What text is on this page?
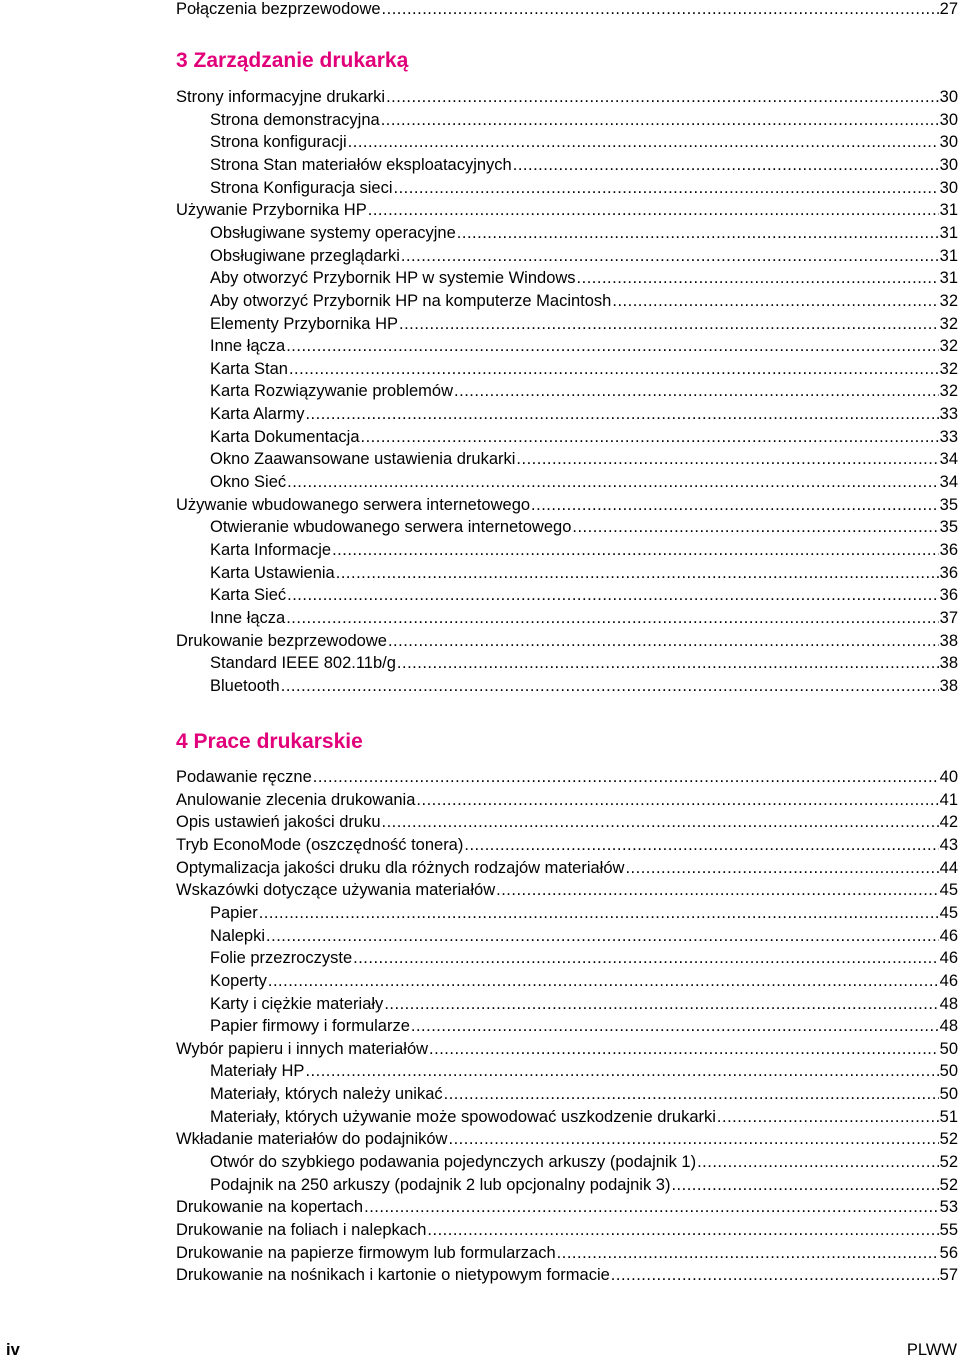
Połączenia bezprzewodowe .....	27
3 Zarządzanie drukarką
Strony informacyjne drukarki .....	30
Strona demonstracyjna .....	30
Strona konfiguracji .....	30
Strona Stan materiałów eksploatacyjnych .....	30
Strona Konfiguracja sieci .....	30
Używanie Przybornika HP .....	31
Obsługiwane systemy operacyjne .....	31
Obsługiwane przeglądarki .....	31
Aby otworzyć Przybornik HP w systemie Windows .....	31
Aby otworzyć Przybornik HP na komputerze Macintosh .....	32
Elementy Przybornika HP .....	32
Inne łącza .....	32
Karta Stan .....	32
Karta Rozwiązywanie problemów .....	32
Karta Alarmy .....	33
Karta Dokumentacja .....	33
Okno Zaawansowane ustawienia drukarki .....	34
Okno Sieć .....	34
Używanie wbudowanego serwera internetowego .....	35
Otwieranie wbudowanego serwera internetowego .....	35
Karta Informacje .....	36
Karta Ustawienia .....	36
Karta Sieć .....	36
Inne łącza .....	37
Drukowanie bezprzewodowe .....	38
Standard IEEE 802.11b/g .....	38
Bluetooth .....	38
4 Prace drukarskie
Podawanie ręczne .....	40
Anulowanie zlecenia drukowania .....	41
Opis ustawień jakości druku .....	42
Tryb EconoMode (oszczędność tonera) .....	43
Optymalizacja jakości druku dla różnych rodzajów materiałów .....	44
Wskazówki dotyczące używania materiałów .....	45
Papier .....	45
Nalepki .....	46
Folie przezroczyste .....	46
Koperty .....	46
Karty i ciężkie materiały .....	48
Papier firmowy i formularze .....	48
Wybór papieru i innych materiałów .....	50
Materiały HP .....	50
Materiały, których należy unikać .....	50
Materiały, których używanie może spowodować uszkodzenie drukarki .....	51
Wkładanie materiałów do podajników .....	52
Otwór do szybkiego podawania pojedynczych arkuszy (podajnik 1) .....	52
Podajnik na 250 arkuszy (podajnik 2 lub opcjonalny podajnik 3) .....	52
Drukowanie na kopertach .....	53
Drukowanie na foliach i nalepkach .....	55
Drukowanie na papierze firmowym lub formularzach .....	56
Drukowanie na nośnikach i kartonie o nietypowym formacie .....	57
iv	PLWW
